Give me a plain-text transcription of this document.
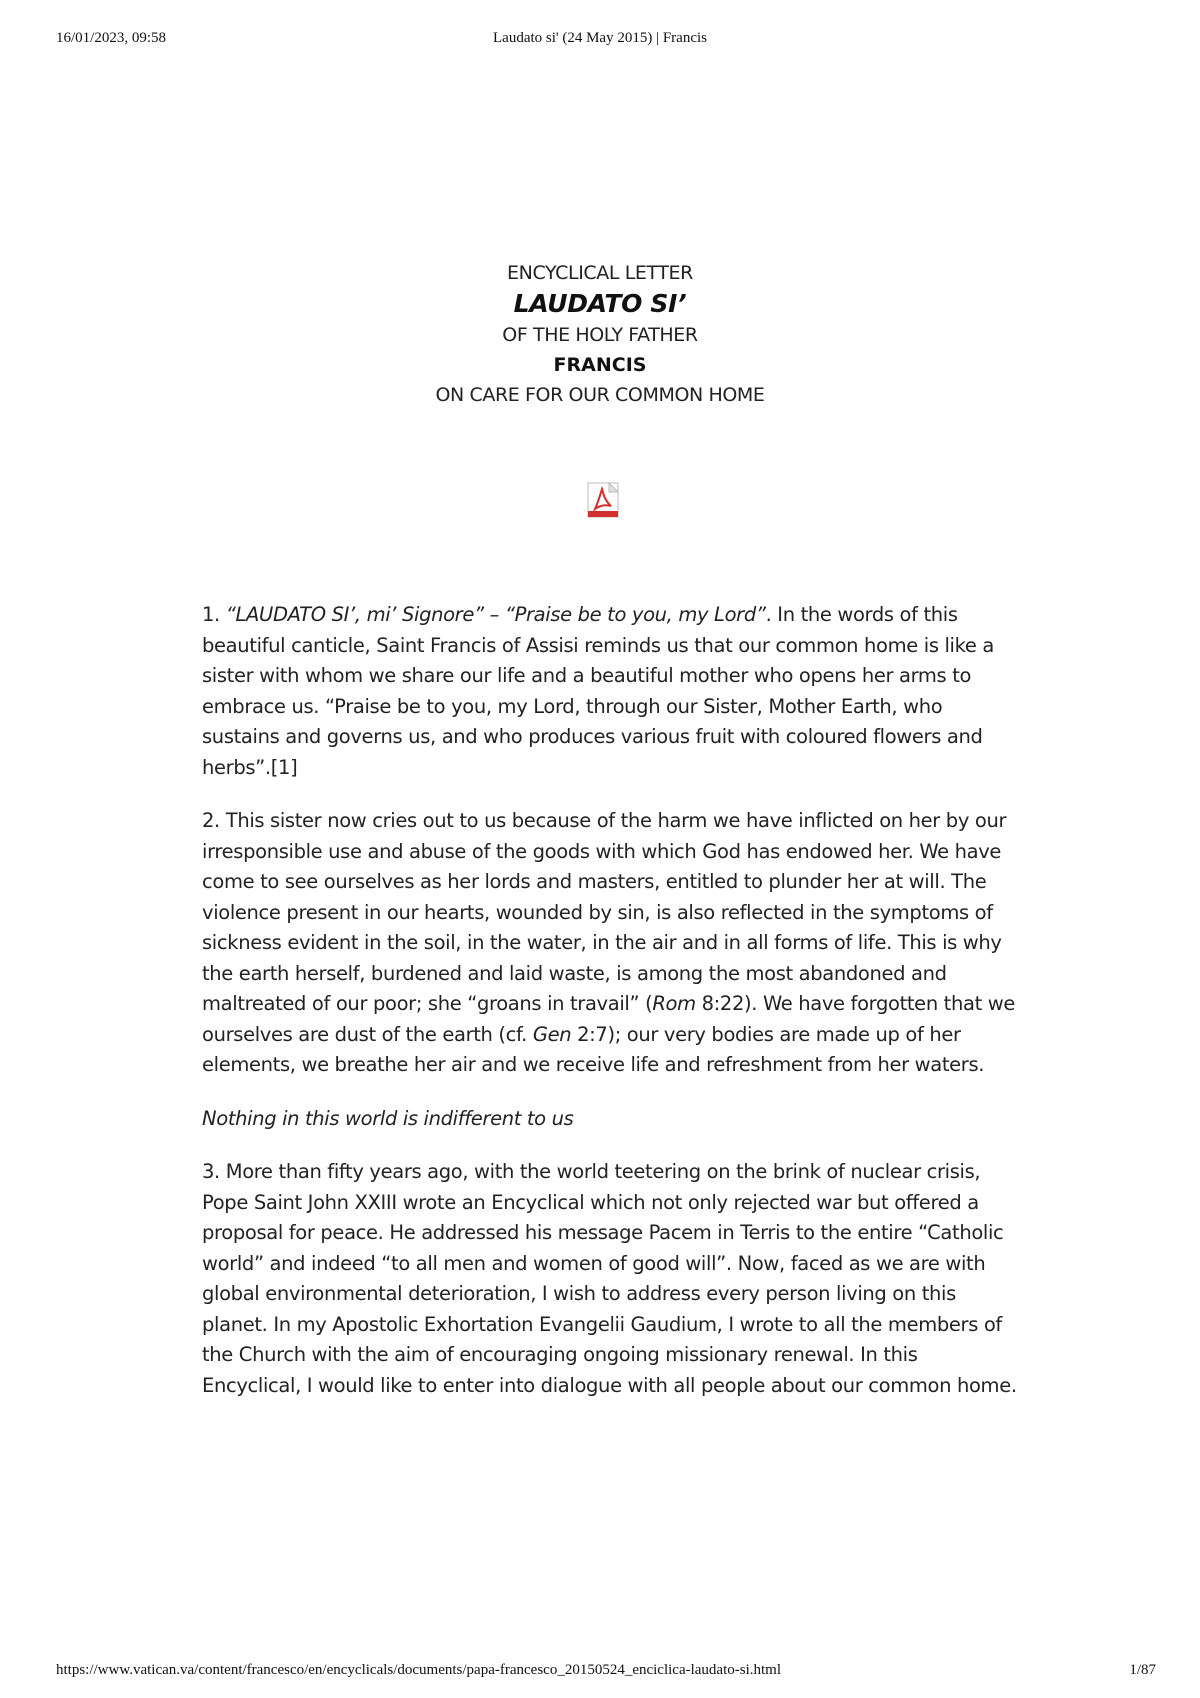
16/01/2023, 09:58	Laudato si' (24 May 2015) | Francis
ENCYCLICAL LETTER
LAUDATO SI’
OF THE HOLY FATHER
FRANCIS
ON CARE FOR OUR COMMON HOME

1. “LAUDATO SI’, mi’ Signore” – “Praise be to you, my Lord”. In the words of this beautiful canticle, Saint Francis of Assisi reminds us that our common home is like a sister with whom we share our life and a beautiful mother who opens her arms to embrace us. “Praise be to you, my Lord, through our Sister, Mother Earth, who sustains and governs us, and who produces various fruit with coloured flowers and herbs”.[1]

2. This sister now cries out to us because of the harm we have inflicted on her by our irresponsible use and abuse of the goods with which God has endowed her. We have come to see ourselves as her lords and masters, entitled to plunder her at will. The violence present in our hearts, wounded by sin, is also reflected in the symptoms of sickness evident in the soil, in the water, in the air and in all forms of life. This is why the earth herself, burdened and laid waste, is among the most abandoned and maltreated of our poor; she “groans in travail” (Rom 8:22). We have forgotten that we ourselves are dust of the earth (cf. Gen 2:7); our very bodies are made up of her elements, we breathe her air and we receive life and refreshment from her waters.

Nothing in this world is indifferent to us

3. More than fifty years ago, with the world teetering on the brink of nuclear crisis, Pope Saint John XXIII wrote an Encyclical which not only rejected war but offered a proposal for peace. He addressed his message Pacem in Terris to the entire “Catholic world” and indeed “to all men and women of good will”. Now, faced as we are with global environmental deterioration, I wish to address every person living on this planet. In my Apostolic Exhortation Evangelii Gaudium, I wrote to all the members of the Church with the aim of encouraging ongoing missionary renewal. In this Encyclical, I would like to enter into dialogue with all people about our common home.

https://www.vatican.va/content/francesco/en/encyclicals/documents/papa-francesco_20150524_enciclica-laudato-si.html	1/87
